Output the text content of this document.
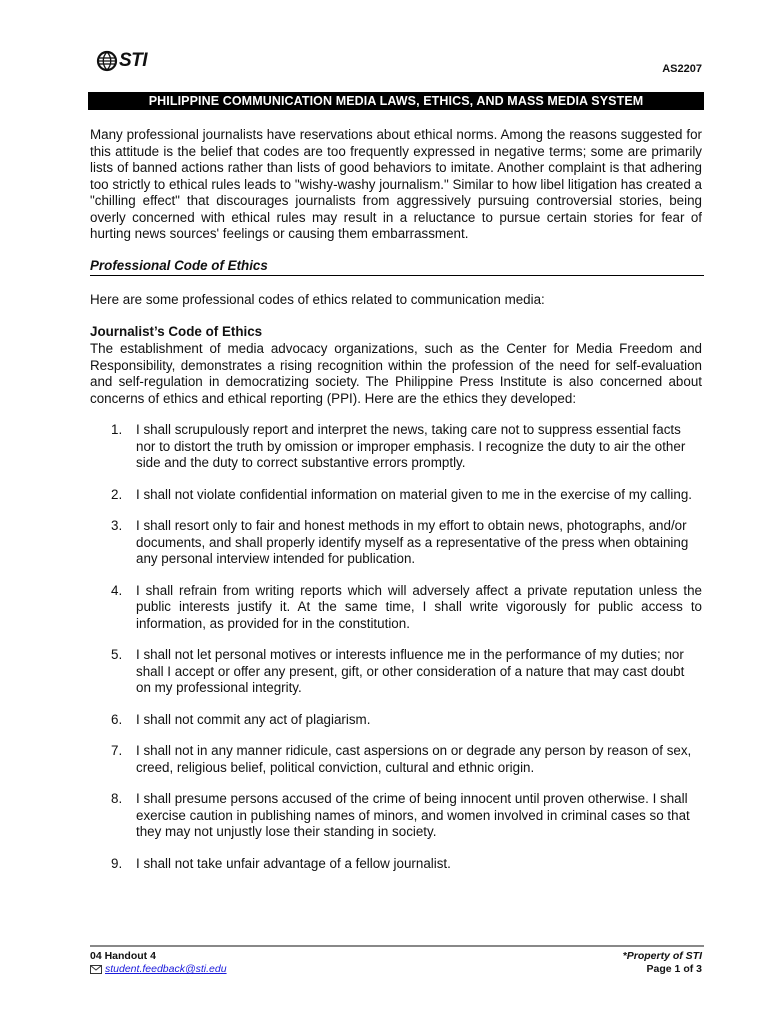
STI	AS2207
PHILIPPINE COMMUNICATION MEDIA LAWS, ETHICS, AND MASS MEDIA SYSTEM
Many professional journalists have reservations about ethical norms. Among the reasons suggested for this attitude is the belief that codes are too frequently expressed in negative terms; some are primarily lists of banned actions rather than lists of good behaviors to imitate. Another complaint is that adhering too strictly to ethical rules leads to "wishy-washy journalism." Similar to how libel litigation has created a "chilling effect" that discourages journalists from aggressively pursuing controversial stories, being overly concerned with ethical rules may result in a reluctance to pursue certain stories for fear of hurting news sources' feelings or causing them embarrassment.
Professional Code of Ethics
Here are some professional codes of ethics related to communication media:
Journalist’s Code of Ethics
The establishment of media advocacy organizations, such as the Center for Media Freedom and Responsibility, demonstrates a rising recognition within the profession of the need for self-evaluation and self-regulation in democratizing society. The Philippine Press Institute is also concerned about concerns of ethics and ethical reporting (PPI). Here are the ethics they developed:
1. I shall scrupulously report and interpret the news, taking care not to suppress essential facts nor to distort the truth by omission or improper emphasis. I recognize the duty to air the other side and the duty to correct substantive errors promptly.
2. I shall not violate confidential information on material given to me in the exercise of my calling.
3. I shall resort only to fair and honest methods in my effort to obtain news, photographs, and/or documents, and shall properly identify myself as a representative of the press when obtaining any personal interview intended for publication.
4. I shall refrain from writing reports which will adversely affect a private reputation unless the public interests justify it. At the same time, I shall write vigorously for public access to information, as provided for in the constitution.
5. I shall not let personal motives or interests influence me in the performance of my duties; nor shall I accept or offer any present, gift, or other consideration of a nature that may cast doubt on my professional integrity.
6. I shall not commit any act of plagiarism.
7. I shall not in any manner ridicule, cast aspersions on or degrade any person by reason of sex, creed, religious belief, political conviction, cultural and ethnic origin.
8. I shall presume persons accused of the crime of being innocent until proven otherwise. I shall exercise caution in publishing names of minors, and women involved in criminal cases so that they may not unjustly lose their standing in society.
9. I shall not take unfair advantage of a fellow journalist.
04 Handout 4
student.feedback@sti.edu
*Property of STI
Page 1 of 3
